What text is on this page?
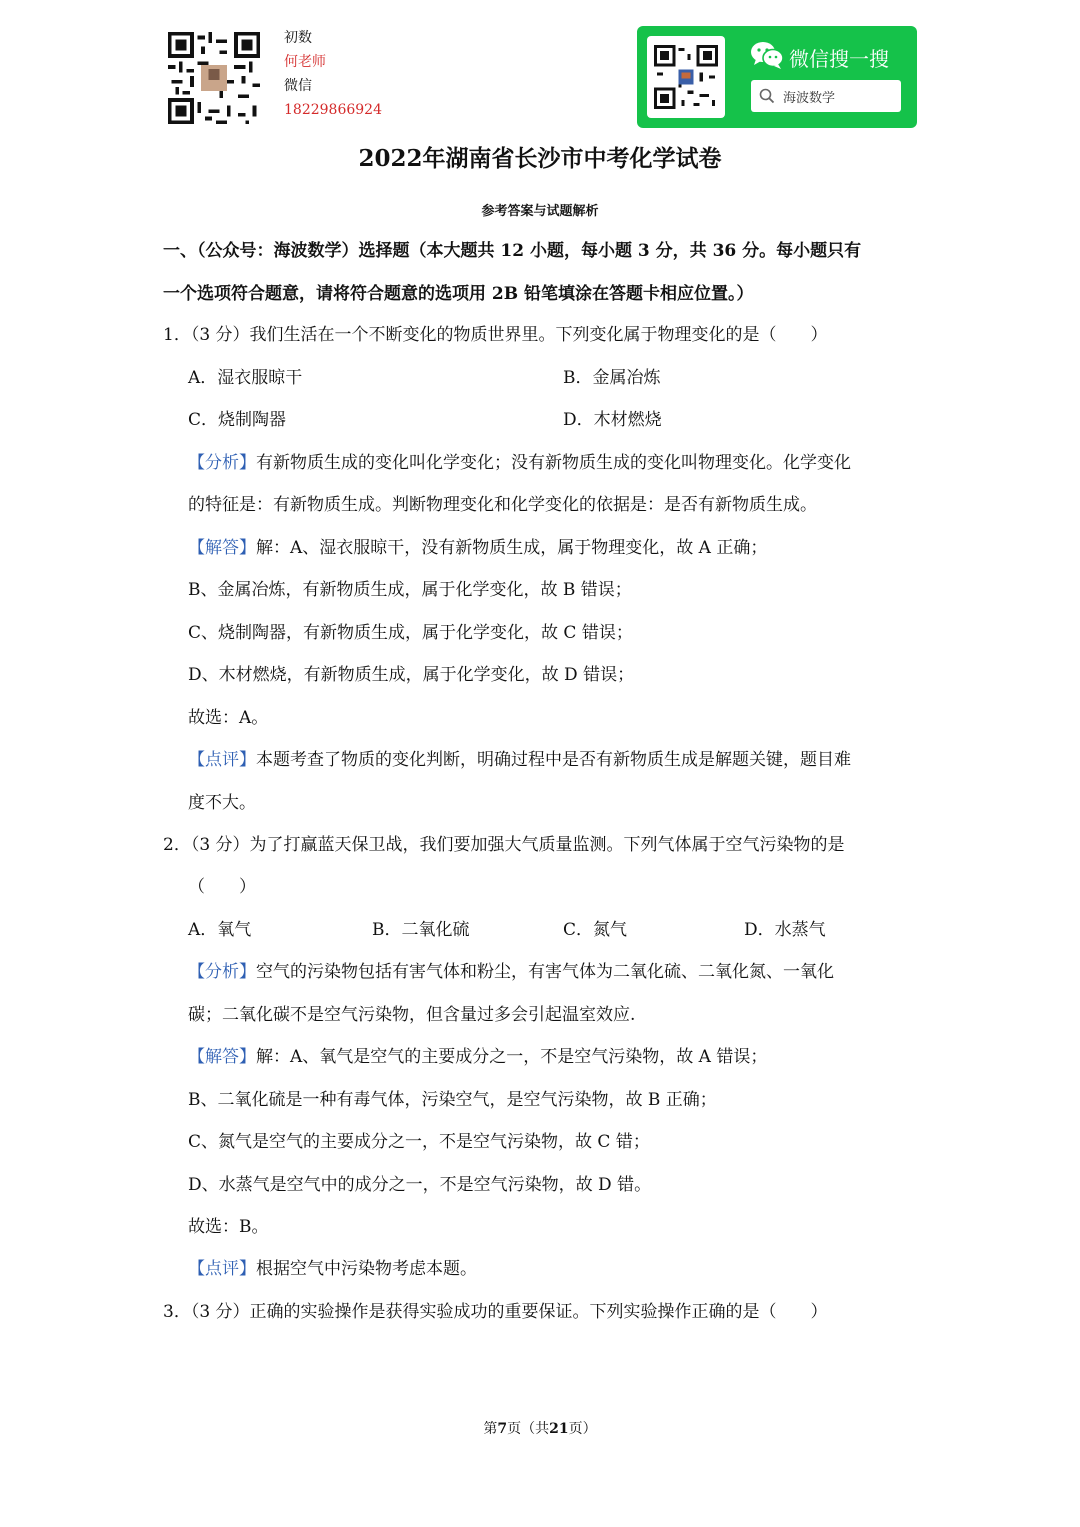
初数
何老师
微信
18229866924
微信搜一搜
海波数学
2022年湖南省长沙市中考化学试卷
参考答案与试题解析
一、（公众号：海波数学）选择题（本大题共 12 小题，每小题 3 分，共 36 分。每小题只有
一个选项符合题意，请将符合题意的选项用 2B 铅笔填涂在答题卡相应位置。）
1．（3 分）我们生活在一个不断变化的物质世界里。下列变化属于物理变化的是（　　）
A．湿衣服晾干	B．金属冶炼
C．烧制陶器	D．木材燃烧
【分析】有新物质生成的变化叫化学变化；没有新物质生成的变化叫物理变化。化学变化
的特征是：有新物质生成。判断物理变化和化学变化的依据是：是否有新物质生成。
【解答】解：A、湿衣服晾干，没有新物质生成，属于物理变化，故 A 正确；
B、金属冶炼，有新物质生成，属于化学变化，故 B 错误；
C、烧制陶器，有新物质生成，属于化学变化，故 C 错误；
D、木材燃烧，有新物质生成，属于化学变化，故 D 错误；
故选：A。
【点评】本题考查了物质的变化判断，明确过程中是否有新物质生成是解题关键，题目难
度不大。
2．（3 分）为了打赢蓝天保卫战，我们要加强大气质量监测。下列气体属于空气污染物的是
（　　）
A．氧气	B．二氧化硫	C．氮气	D．水蒸气
【分析】空气的污染物包括有害气体和粉尘，有害气体为二氧化硫、二氧化氮、一氧化
碳；二氧化碳不是空气污染物，但含量过多会引起温室效应.
【解答】解：A、氧气是空气的主要成分之一，不是空气污染物，故 A 错误；
B、二氧化硫是一种有毒气体，污染空气，是空气污染物，故 B 正确；
C、氮气是空气的主要成分之一，不是空气污染物，故 C 错；
D、水蒸气是空气中的成分之一，不是空气污染物，故 D 错。
故选：B。
【点评】根据空气中污染物考虑本题。
3．（3 分）正确的实验操作是获得实验成功的重要保证。下列实验操作正确的是（　　）
第7页（共21页）
